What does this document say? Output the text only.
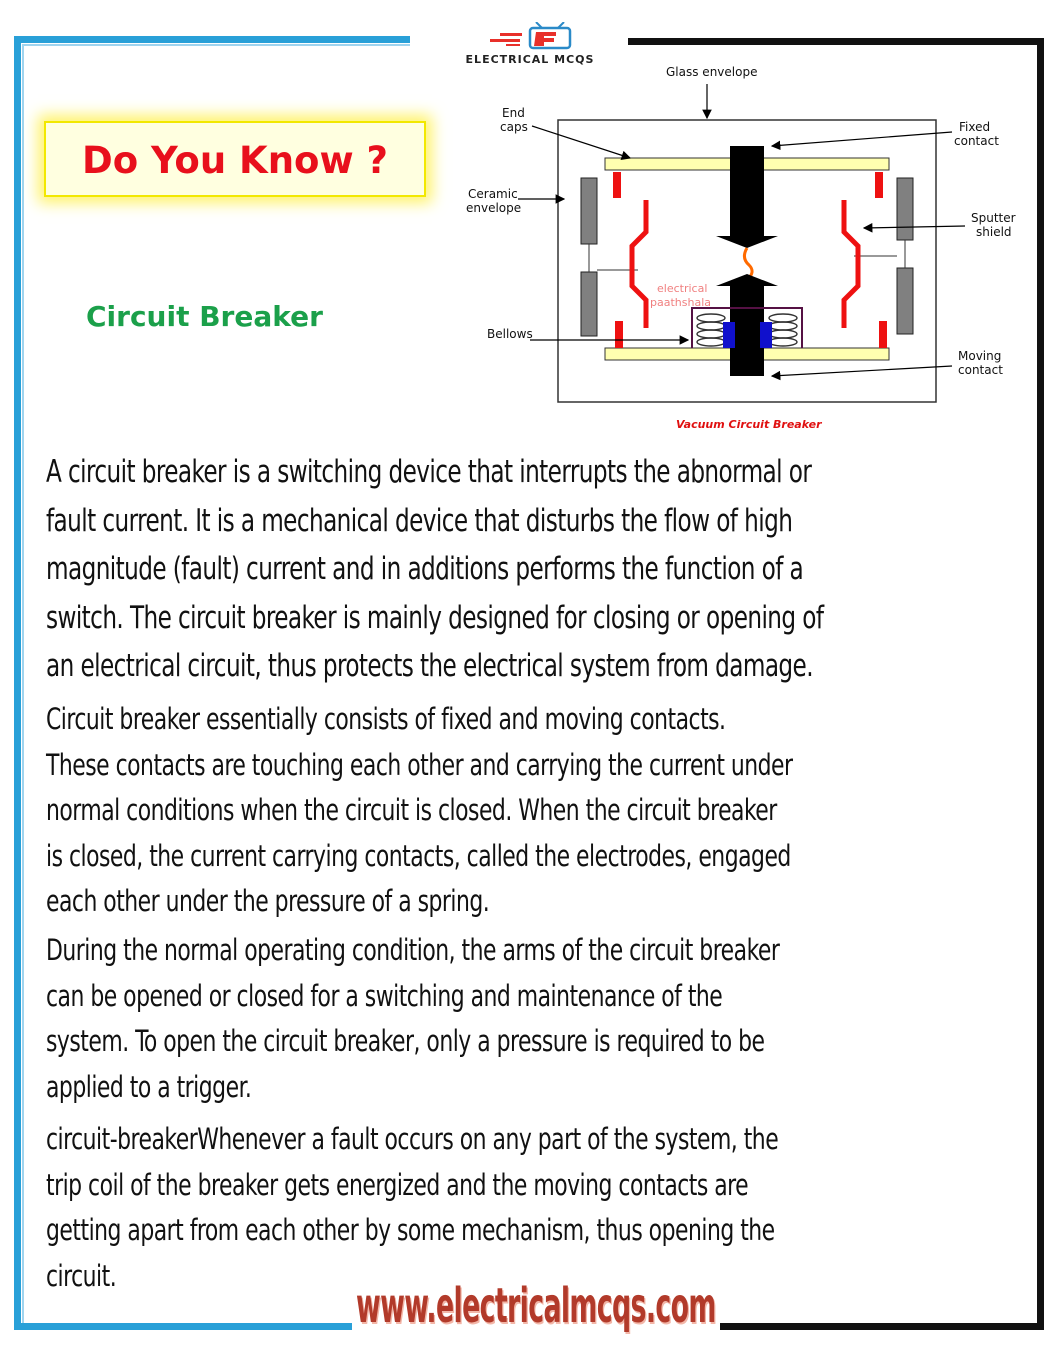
ELECTRICAL MCQS
Do You Know ?
Circuit Breaker
electrical
paathshala
Glass envelope
End
caps	Fixed
contact
Ceramic
envelope
Sputter
shield
Bellows
Moving
contact
Vacuum Circuit Breaker
A circuit breaker is a switching device that interrupts the abnormal or
fault current. It is a mechanical device that disturbs the flow of high
magnitude (fault) current and in additions performs the function of a
switch. The circuit breaker is mainly designed for closing or opening of
an electrical circuit, thus protects the electrical system from damage.
Circuit breaker essentially consists of fixed and moving contacts.
These contacts are touching each other and carrying the current under
normal conditions when the circuit is closed. When the circuit breaker
is closed, the current carrying contacts, called the electrodes, engaged
each other under the pressure of a spring.
During the normal operating condition, the arms of the circuit breaker
can be opened or closed for a switching and maintenance of the
system. To open the circuit breaker, only a pressure is required to be
applied to a trigger.
circuit-breakerWhenever a fault occurs on any part of the system, the
trip coil of the breaker gets energized and the moving contacts are
getting apart from each other by some mechanism, thus opening the
circuit.
www.electricalmcqs.com
